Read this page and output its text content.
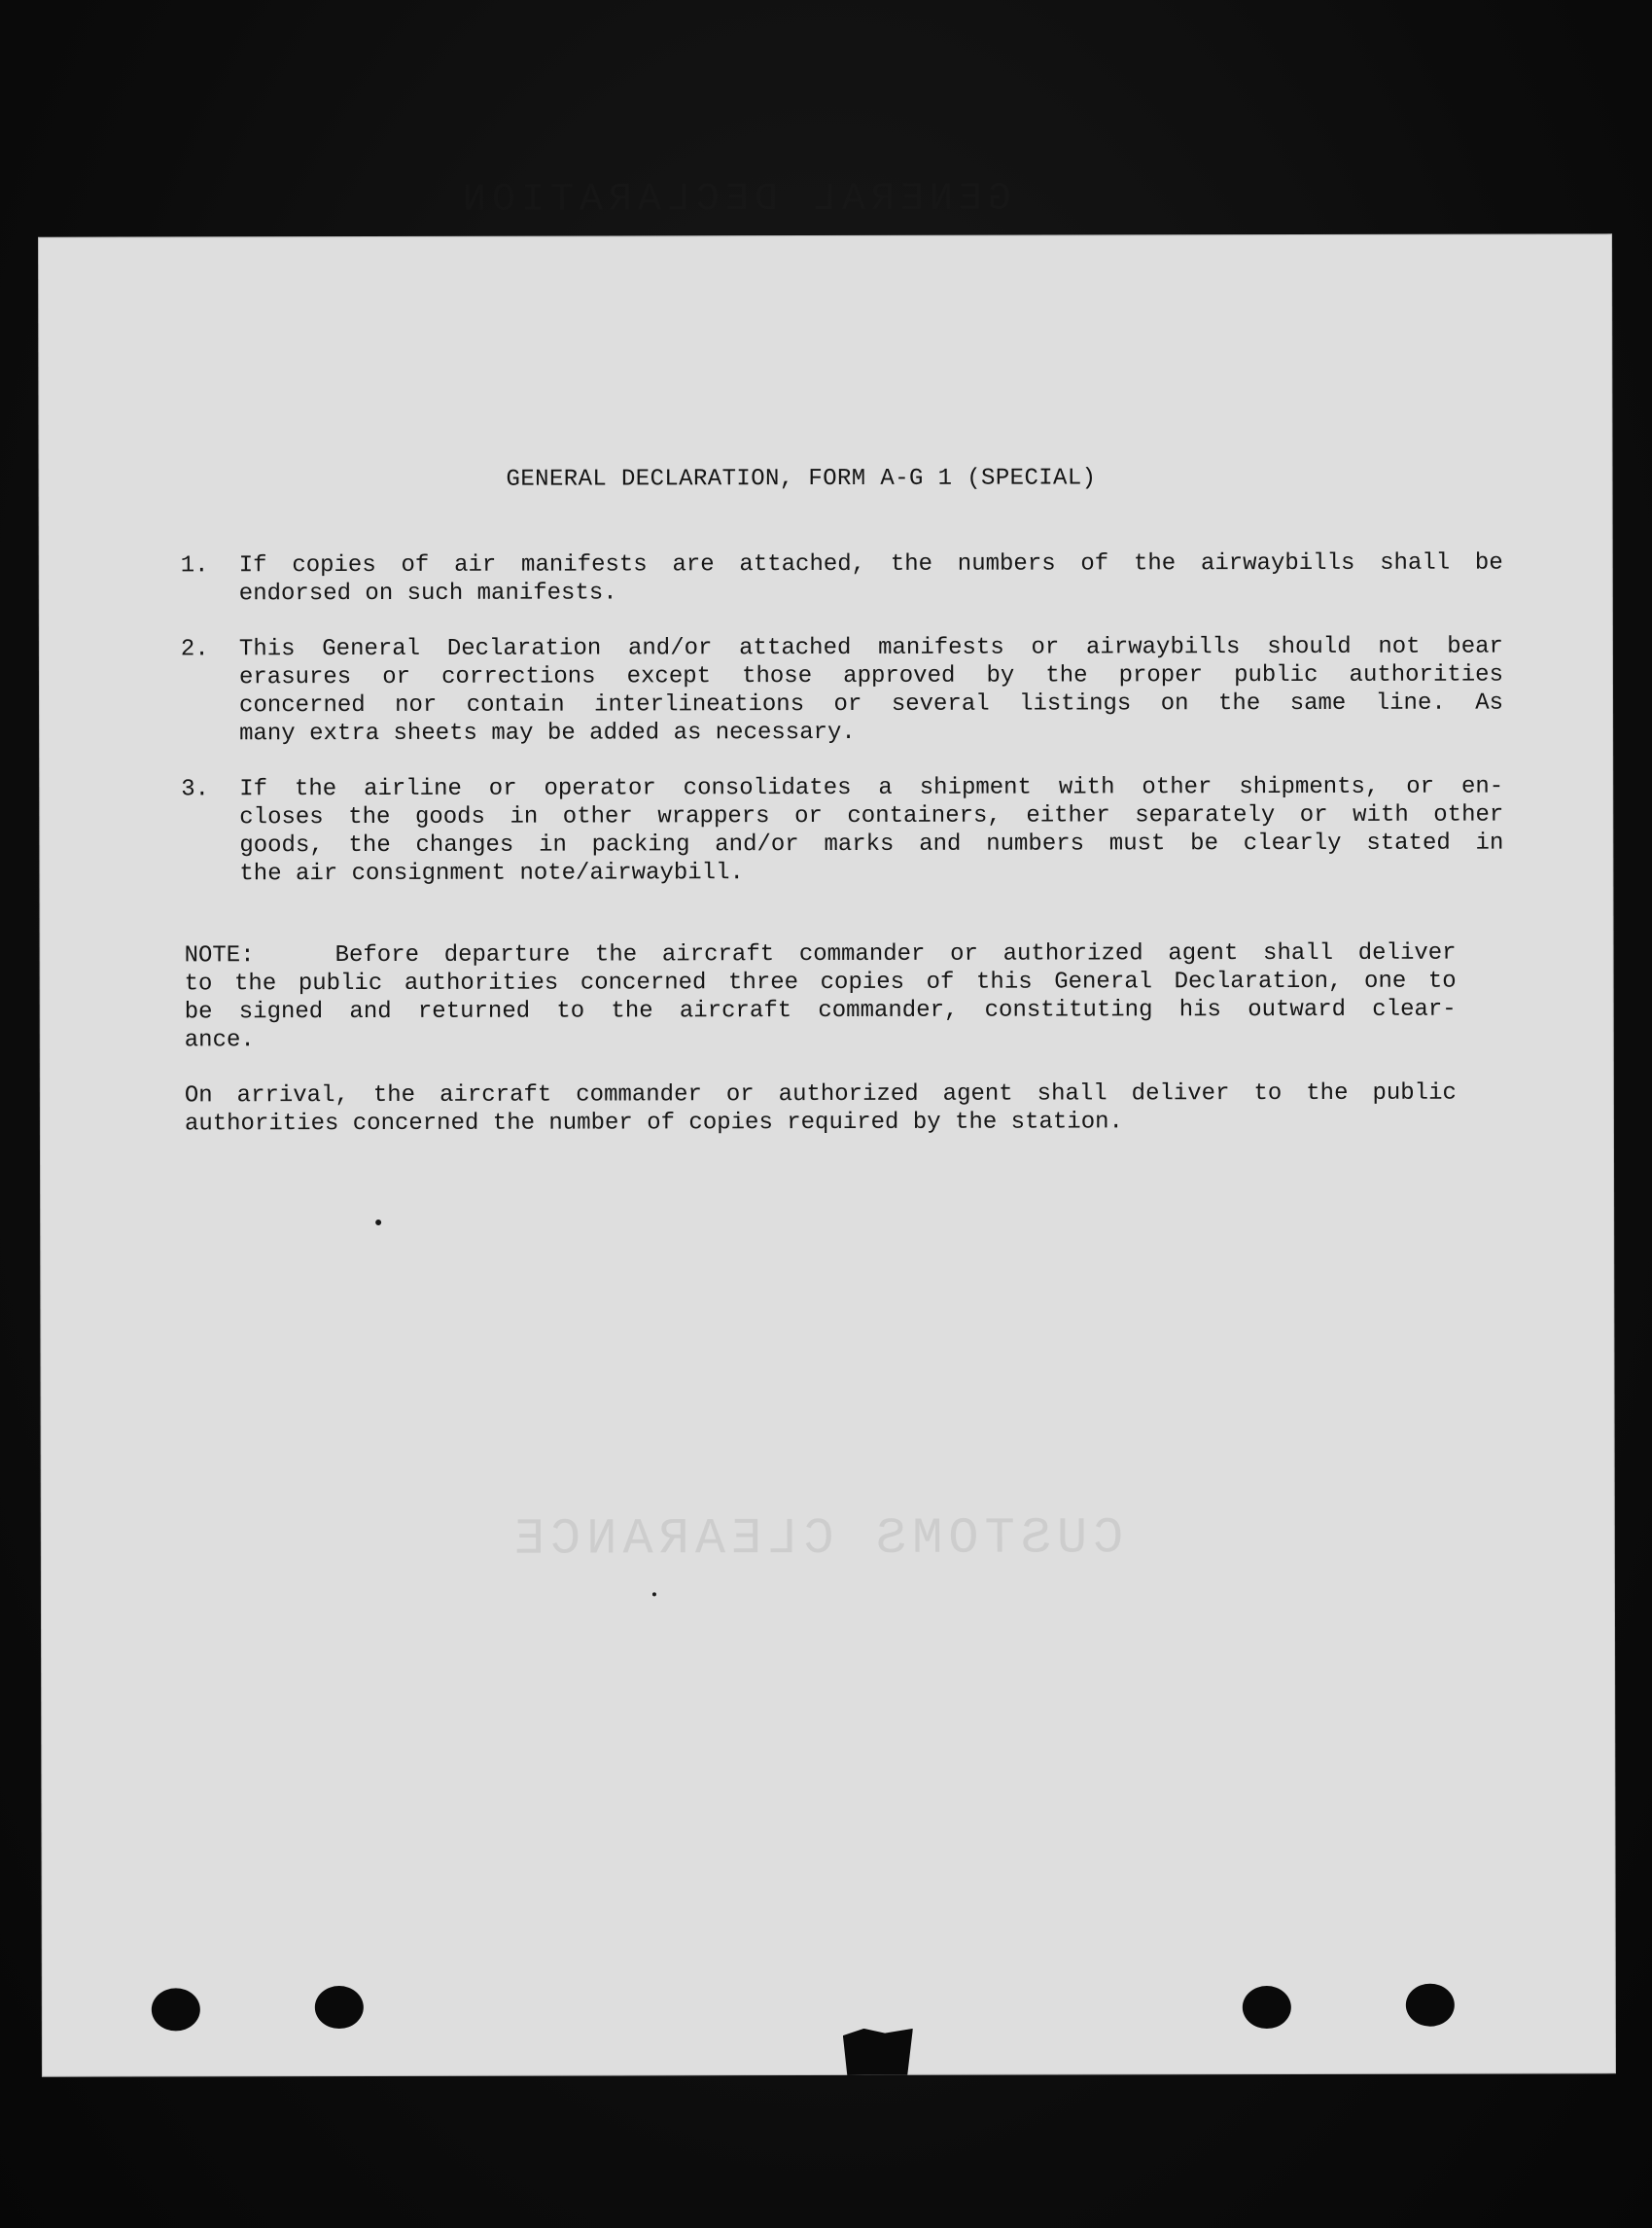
GENERAL DECLARATION
CUSTOMS CLEARANCE
GENERAL DECLARATION, FORM A-G 1 (SPECIAL)
1. If copies of air manifests are attached, the numbers of the airwaybills shall be
endorsed on such manifests.
2. This General Declaration and/or attached manifests or airwaybills should not bear
erasures or corrections except those approved by the proper public authorities
concerned nor contain interlineations or several listings on the same line. As
many extra sheets may be added as necessary.
3. If the airline or operator consolidates a shipment with other shipments, or en-
closes the goods in other wrappers or containers, either separately or with other
goods, the changes in packing and/or marks and numbers must be clearly stated in
the air consignment note/airwaybill.
NOTE:	Before departure the aircraft commander or authorized agent shall deliver
to the public authorities concerned three copies of this General Declaration, one to
be signed and returned to the aircraft commander, constituting his outward clear-
ance.
On arrival, the aircraft commander or authorized agent shall deliver to the public
authorities concerned the number of copies required by the station.
